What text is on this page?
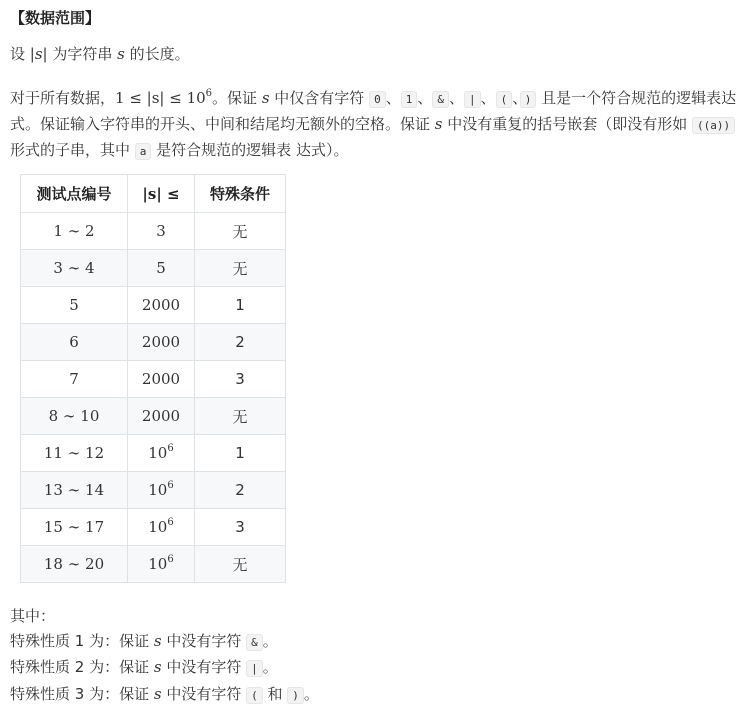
【数据范围】
设 |s| 为字符串 s 的长度。
对于所有数据，$1 \le |s| \le 10^6$。保证 s 中仅含有字符 0 、 1 、 & 、 | 、 ( 、 ) 且是一个符合规范的逻辑表达式。保证输入字符串的开头、中间和结尾均无额外的空格。保证 s 中没有重复的括号嵌套（即没有形如 ((a)) 形式的子串，其中 a 是符合规范的逻辑表 达式）。
测试点编号	|s| ≤	特殊条件
1 ∼ 2	3	无
3 ∼ 4	5	无
5	2000	1
6	2000	2
7	2000	3
8 ∼ 10	2000	无
11 ∼ 12	$10^6$	1
13 ∼ 14	$10^6$	2
15 ∼ 17	$10^6$	3
18 ∼ 20	$10^6$	无
其中：
特殊性质 1 为：保证 s 中没有字符 & 。
特殊性质 2 为：保证 s 中没有字符 | 。
特殊性质 3 为：保证 s 中没有字符 ( 和 ) 。
